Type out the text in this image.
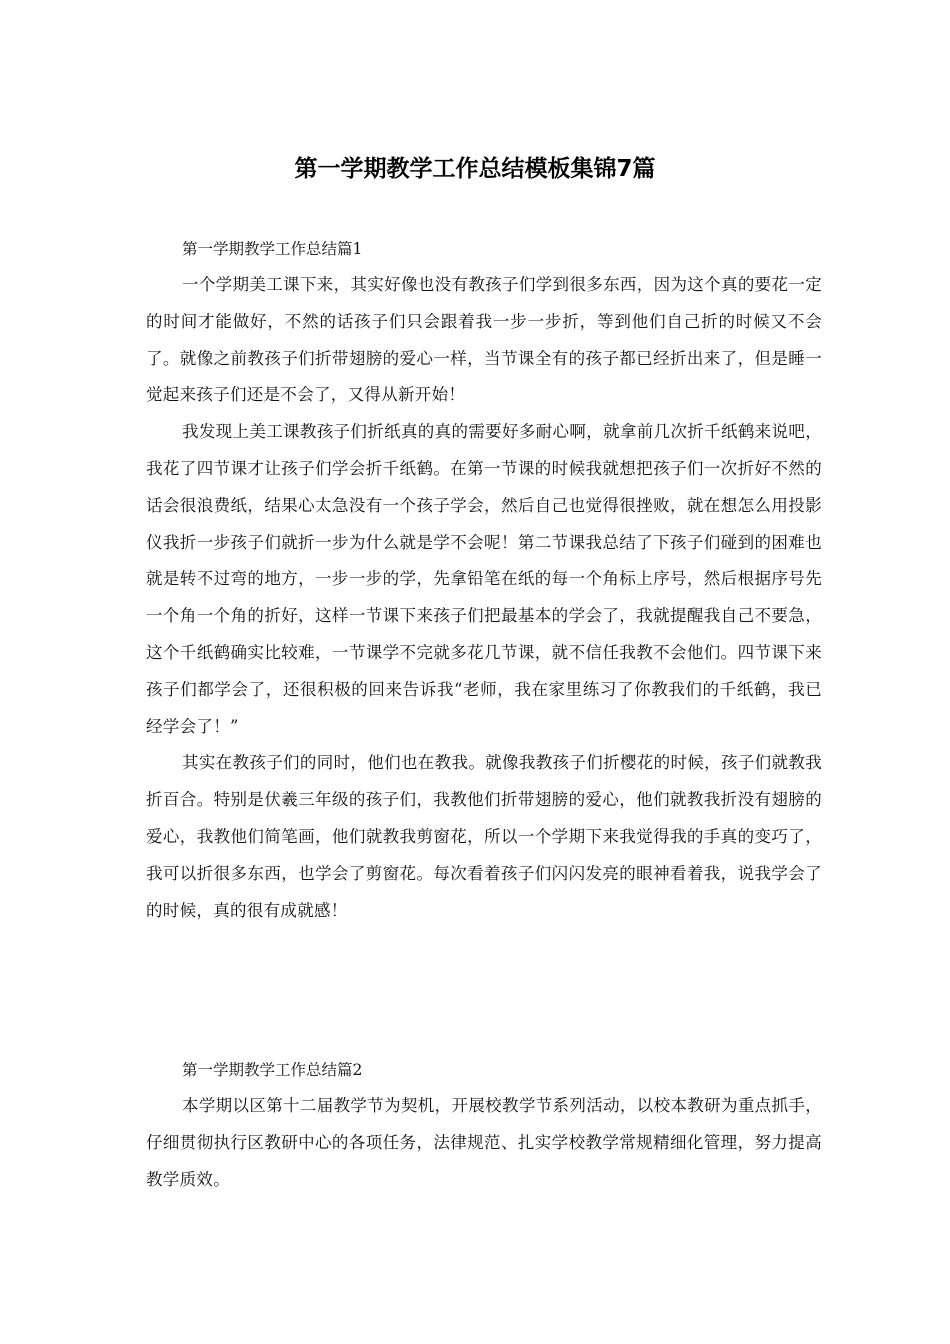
第一学期教学工作总结模板集锦7篇
第一学期教学工作总结篇1

一个学期美工课下来，其实好像也没有教孩子们学到很多东西，因为这个真的要花一定的时间才能做好，不然的话孩子们只会跟着我一步一步折，等到他们自己折的时候又不会了。就像之前教孩子们折带翅膀的爱心一样，当节课全有的孩子都已经折出来了，但是睡一觉起来孩子们还是不会了，又得从新开始！

我发现上美工课教孩子们折纸真的真的需要好多耐心啊，就拿前几次折千纸鹤来说吧，我花了四节课才让孩子们学会折千纸鹤。在第一节课的时候我就想把孩子们一次折好不然的话会很浪费纸，结果心太急没有一个孩子学会，然后自己也觉得很挫败，就在想怎么用投影仪我折一步孩子们就折一步为什么就是学不会呢！第二节课我总结了下孩子们碰到的困难也就是转不过弯的地方，一步一步的学，先拿铅笔在纸的每一个角标上序号，然后根据序号先一个角一个角的折好，这样一节课下来孩子们把最基本的学会了，我就提醒我自己不要急，这个千纸鹤确实比较难，一节课学不完就多花几节课，就不信任我教不会他们。四节课下来孩子们都学会了，还很积极的回来告诉我“老师，我在家里练习了你教我们的千纸鹤，我已经学会了！”

其实在教孩子们的同时，他们也在教我。就像我教孩子们折樱花的时候，孩子们就教我折百合。特别是伏羲三年级的孩子们，我教他们折带翅膀的爱心，他们就教我折没有翅膀的爱心，我教他们简笔画，他们就教我剪窗花，所以一个学期下来我觉得我的手真的变巧了，我可以折很多东西，也学会了剪窗花。每次看着孩子们闪闪发亮的眼神看着我，说我学会了的时候，真的很有成就感！

第一学期教学工作总结篇2

本学期以区第十二届教学节为契机，开展校教学节系列活动，以校本教研为重点抓手，仔细贯彻执行区教研中心的各项任务，法律规范、扎实学校教学常规精细化管理，努力提高教学质效。
